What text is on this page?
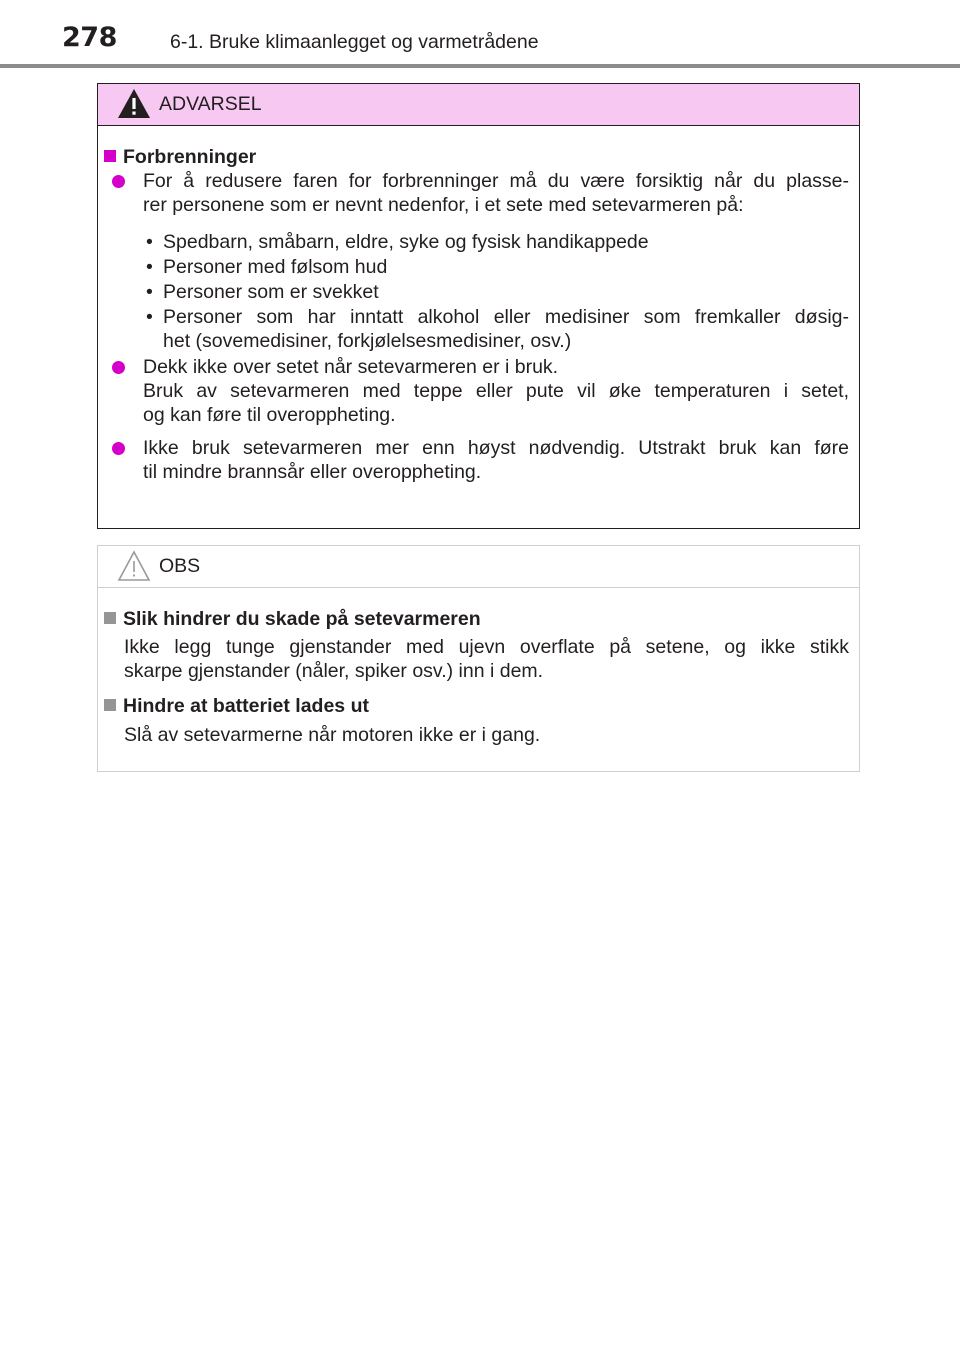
278	6-1. Bruke klimaanlegget og varmetrådene
ADVARSEL
Forbrenninger
For å redusere faren for forbrenninger må du være forsiktig når du plasse-
rer personene som er nevnt nedenfor, i et sete med setevarmeren på:
• Spedbarn, småbarn, eldre, syke og fysisk handikappede
• Personer med følsom hud
• Personer som er svekket
• Personer som har inntatt alkohol eller medisiner som fremkaller døsig-
het (sovemedisiner, forkjølelsesmedisiner, osv.)
Dekk ikke over setet når setevarmeren er i bruk.
Bruk av setevarmeren med teppe eller pute vil øke temperaturen i setet,
og kan føre til overoppheting.
Ikke bruk setevarmeren mer enn høyst nødvendig. Utstrakt bruk kan føre
til mindre brannsår eller overoppheting.
OBS
Slik hindrer du skade på setevarmeren
Ikke legg tunge gjenstander med ujevn overflate på setene, og ikke stikk
skarpe gjenstander (nåler, spiker osv.) inn i dem.
Hindre at batteriet lades ut
Slå av setevarmerne når motoren ikke er i gang.
